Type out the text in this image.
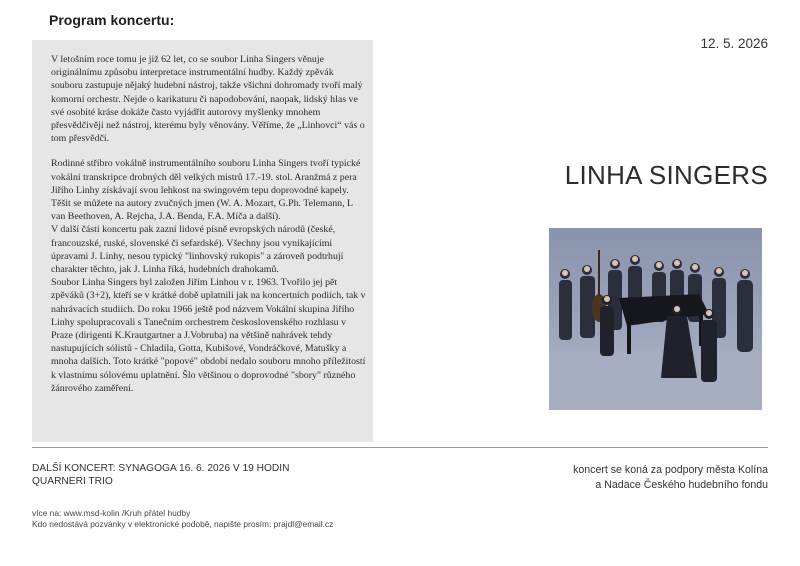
Program koncertu:

V letošním roce tomu je již 62 let, co se soubor Linha Singers věnuje originálnímu způsobu interpretace instrumentální hudby. Každý zpěvák souboru zastupuje nějaký hudební nástroj, takže všichni dohromady tvoří malý komorní orchestr. Nejde o karikaturu či napodobování, naopak, lidský hlas ve své osobité kráse dokáže často vyjádřit autorovy myšlenky mnohem přesvědčivěji než nástroj, kterému byly věnovány. Věříme, že „Linhovci“ vás o tom přesvědčí.

Rodinné stříbro vokálně instrumentálního souboru Linha Singers tvoří typické vokální transkripce drobných děl velkých mistrů 17.-19. stol. Aranžmá z pera Jiřího Linhy získávají svou lehkost na swingovém tepu doprovodné kapely. Těšit se můžete na autory zvučných jmen (W. A. Mozart, G.Ph. Telemann, L van Beethoven, A. Rejcha, J.A. Benda, F.A. Míča a další).

V další části koncertu pak zazní lidové písně evropských národů (české, francouzské, ruské, slovenské či sefardské). Všechny jsou vynikajícími úpravami J. Linhy, nesou typický "linhovský rukopis" a zároveň podtrhují charakter těchto, jak J. Linha říká, hudebních drahokamů.

Soubor Linha Singers byl založen Jiřím Linhou v r. 1963. Tvořilo jej pět zpěváků (3+2), kteří se v krátké době uplatnili jak na koncertních podiích, tak v nahrávacích studiích. Do roku 1966 ještě pod názvem Vokální skupina Jiřího Linhy spolupracovali s Tanečním orchestrem československého rozhlasu v Praze (dirigenti K.Krautgartner a J.Vobruba) na většině nahrávek tehdy nastupujících sólistů - Chladila, Gotta, Kubišové, Vondráčkové, Matušky a mnoha dalších. Toto krátké "popové" období nedalo souboru mnoho příležitostí k vlastnímu sólovému uplatnění. Šlo většinou o doprovodné "sbory" různého žánrového zaměření.

12. 5. 2026
LINHA SINGERS
DALŠÍ KONCERT: SYNAGOGA 16. 6. 2026 V 19 HODIN
QUARNERI TRIO
koncert se koná za podpory města Kolína
a Nadace Českého hudebního fondu
více na: www.msd-kolin /Kruh přátel hudby
Kdo nedostává pozvánky v elektronické podobě, napište prosím: prajdl@email.cz
